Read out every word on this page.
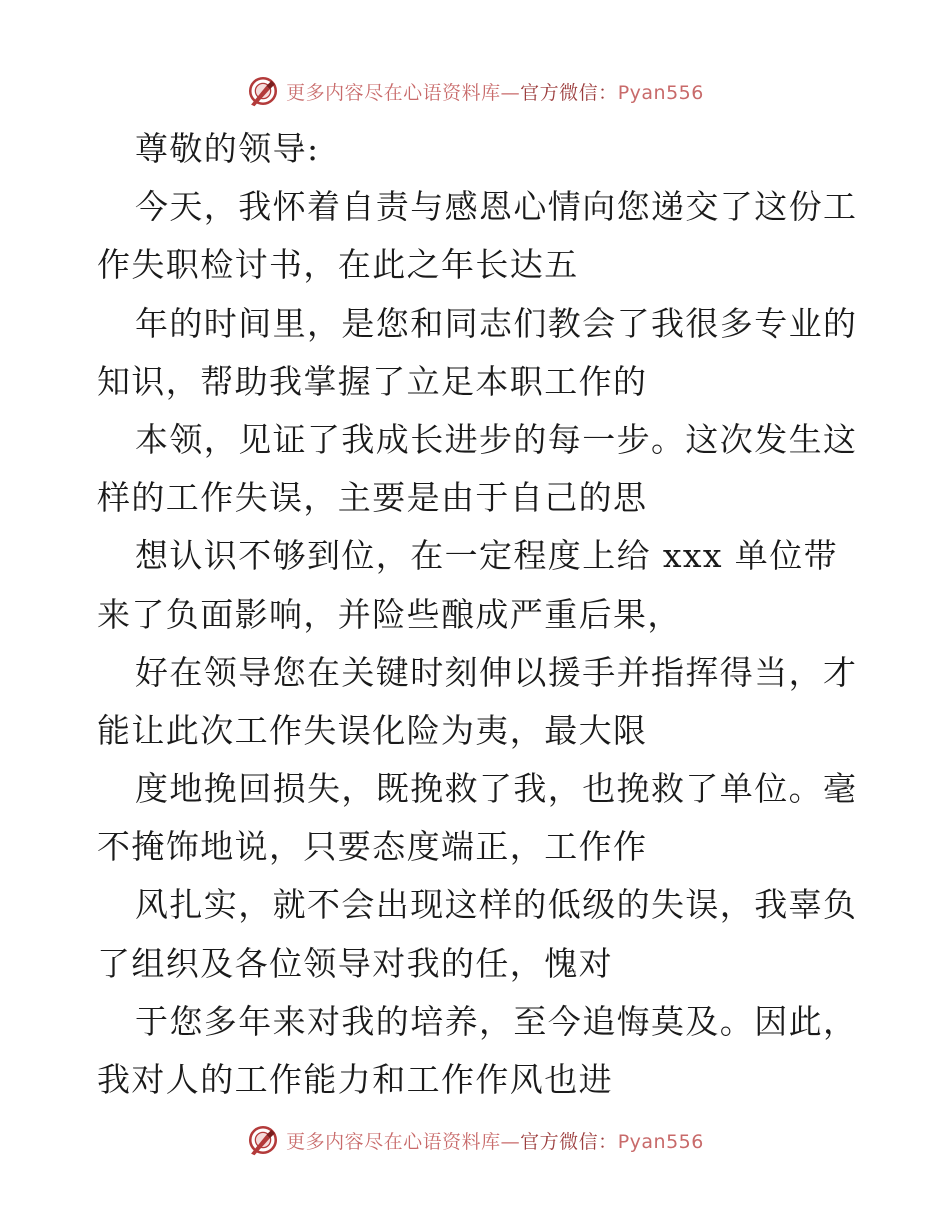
更多内容尽在心语资料库—官方微信：Pyan556
尊敬的领导:
今天，我怀着自责与感恩心情向您递交了这份工
作失职检讨书，在此之年长达五
年的时间里，是您和同志们教会了我很多专业的
知识，帮助我掌握了立足本职工作的
本领，见证了我成长进步的每一步。这次发生这
样的工作失误，主要是由于自己的思
想认识不够到位，在一定程度上给 xxx 单位带
来了负面影响，并险些酿成严重后果，
好在领导您在关键时刻伸以援手并指挥得当，才
能让此次工作失误化险为夷，最大限
度地挽回损失，既挽救了我，也挽救了单位。毫
不掩饰地说，只要态度端正，工作作
风扎实，就不会出现这样的低级的失误，我辜负
了组织及各位领导对我的任，愧对
于您多年来对我的培养，至今追悔莫及。因此，
我对人的工作能力和工作作风也进
更多内容尽在心语资料库—官方微信：Pyan556
